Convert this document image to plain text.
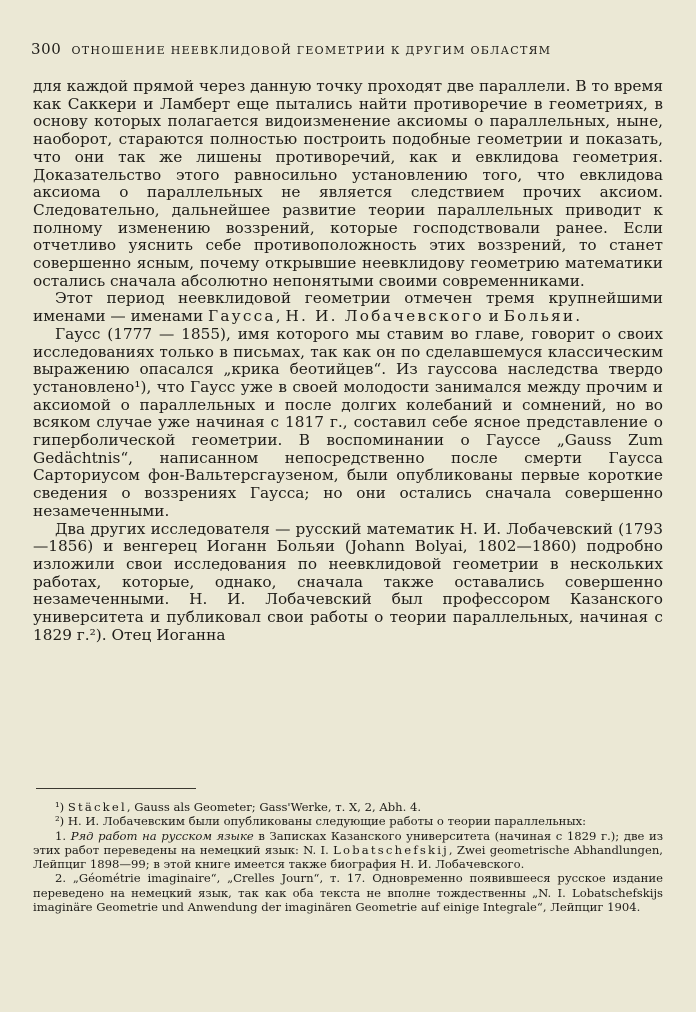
300 ОТНОШЕНИЕ НЕЕВКЛИДОВОЙ ГЕОМЕТРИИ К ДРУГИМ ОБЛАСТЯМ

для каждой прямой через данную точку проходят две параллели. В то время как Саккери и Ламберт еще пытались найти противоречие в геометриях, в основу которых полагается видоизменение аксиомы о параллельных, ныне, наоборот, стараются полностью построить подобные геометрии и показать, что они так же лишены противоречий, как и евклидова геометрия. Доказательство этого равносильно установлению того, что евклидова аксиома о параллельных не является следствием прочих аксиом. Следовательно, дальнейшее развитие теории параллельных приводит к полному изменению воззрений, которые господствовали ранее. Если отчетливо уяснить себе противоположность этих воззрений, то станет совершенно ясным, почему открывшие неевклидову геометрию математики остались сначала абсолютно непонятыми своими современниками.

Этот период неевклидовой геометрии отмечен тремя крупнейшими именами — именами Гаусса, Н. И. Лобачевского и Больяи.

Гаусс (1777 — 1855), имя которого мы ставим во главе, говорит о своих исследованиях только в письмах, так как он по сделавшемуся классическим выражению опасался „крика беотийцев“. Из гауссова наследства твердо установлено¹), что Гаусс уже в своей молодости занимался между прочим и аксиомой о параллельных и после долгих колебаний и сомнений, но во всяком случае уже начиная с 1817 г., составил себе ясное представление о гиперболической геометрии. В воспоминании о Гауссе „Gauss Zum Gedächtnis“, написанном непосредственно после смерти Гаусса Сарториусом фон-Вальтерсгаузеном, были опубликованы первые короткие сведения о воззрениях Гаусса; но они остались сначала совершенно незамеченными.

Два других исследователя — русский математик Н. И. Лобачевский (1793—1856) и венгерец Иоганн Больяи (Johann Bolyai, 1802—1860) подробно изложили свои исследования по неевклидовой геометрии в нескольких работах, которые, однако, сначала также оставались совершенно незамеченными. Н. И. Лобачевский был профессором Казанского университета и публиковал свои работы о теории параллельных, начиная с 1829 г.²). Отец Иоганна

¹) Stäckel, Gauss als Geometer; Gass'Werke, т. X, 2, Abh. 4.

²) Н. И. Лобачевским были опубликованы следующие работы о теории параллельных:

1. Ряд работ на русском языке в Записках Казанского университета (начиная с 1829 г.); две из этих работ переведены на немецкий язык: N. I. Lobatschefskij, Zwei geometrische Abhandlungen, Лейпциг 1898—99; в этой книге имеется также биография Н. И. Лобачевского.

2. „Géométrie imaginaire“, „Crelles Journ“, т. 17. Одновременно появившееся русское издание переведено на немецкий язык, так как оба текста не вполне тождественны „N. I. Lobatschefskijs imaginäre Geometrie und Anwendung der imaginären Geometrie auf einige Integrale“, Лейпциг 1904.
